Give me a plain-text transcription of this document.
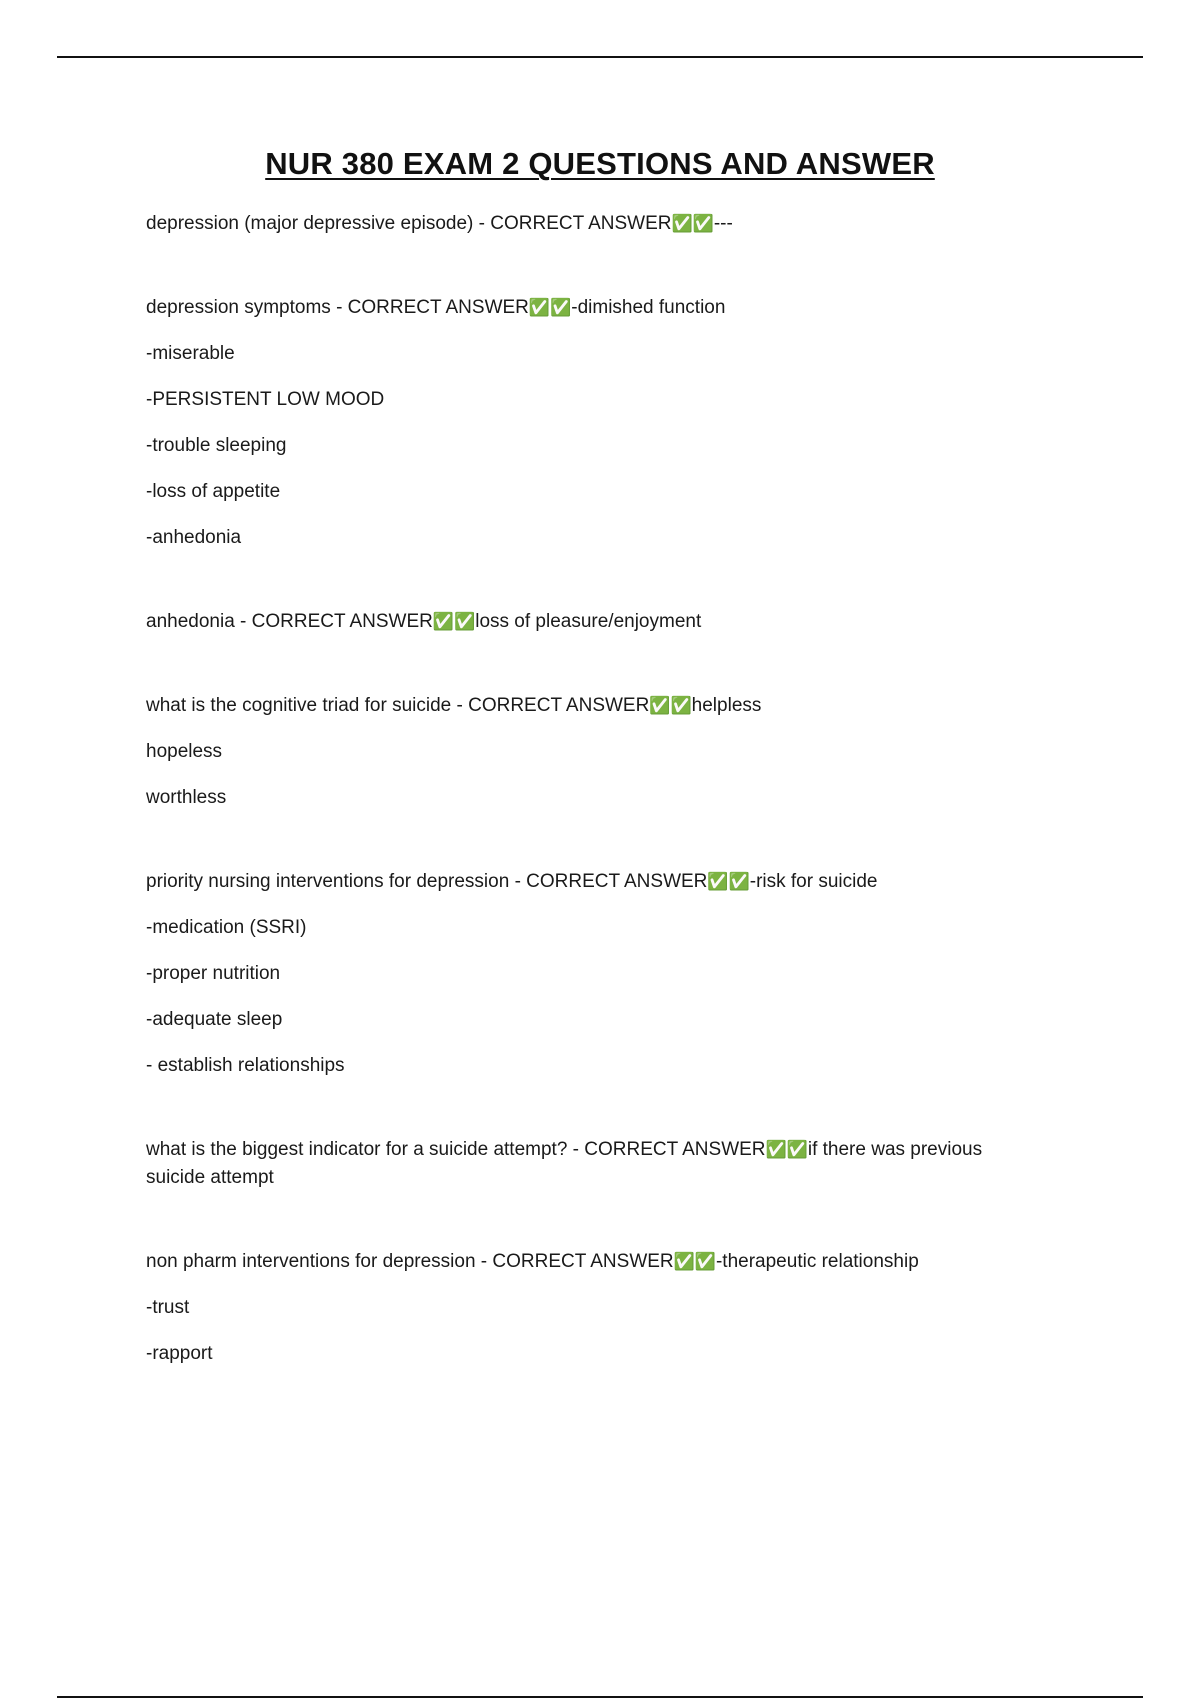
NUR 380 EXAM 2 QUESTIONS AND ANSWER
depression (major depressive episode) - CORRECT ANSWER✅✅---
depression symptoms - CORRECT ANSWER✅✅-dimished function
-miserable
-PERSISTENT LOW MOOD
-trouble sleeping
-loss of appetite
-anhedonia
anhedonia - CORRECT ANSWER✅✅loss of pleasure/enjoyment
what is the cognitive triad for suicide - CORRECT ANSWER✅✅helpless
hopeless
worthless
priority nursing interventions for depression - CORRECT ANSWER✅✅-risk for suicide
-medication (SSRI)
-proper nutrition
-adequate sleep
- establish relationships
what is the biggest indicator for a suicide attempt? - CORRECT ANSWER✅✅if there was previous suicide attempt
non pharm interventions for depression - CORRECT ANSWER✅✅-therapeutic relationship
-trust
-rapport
